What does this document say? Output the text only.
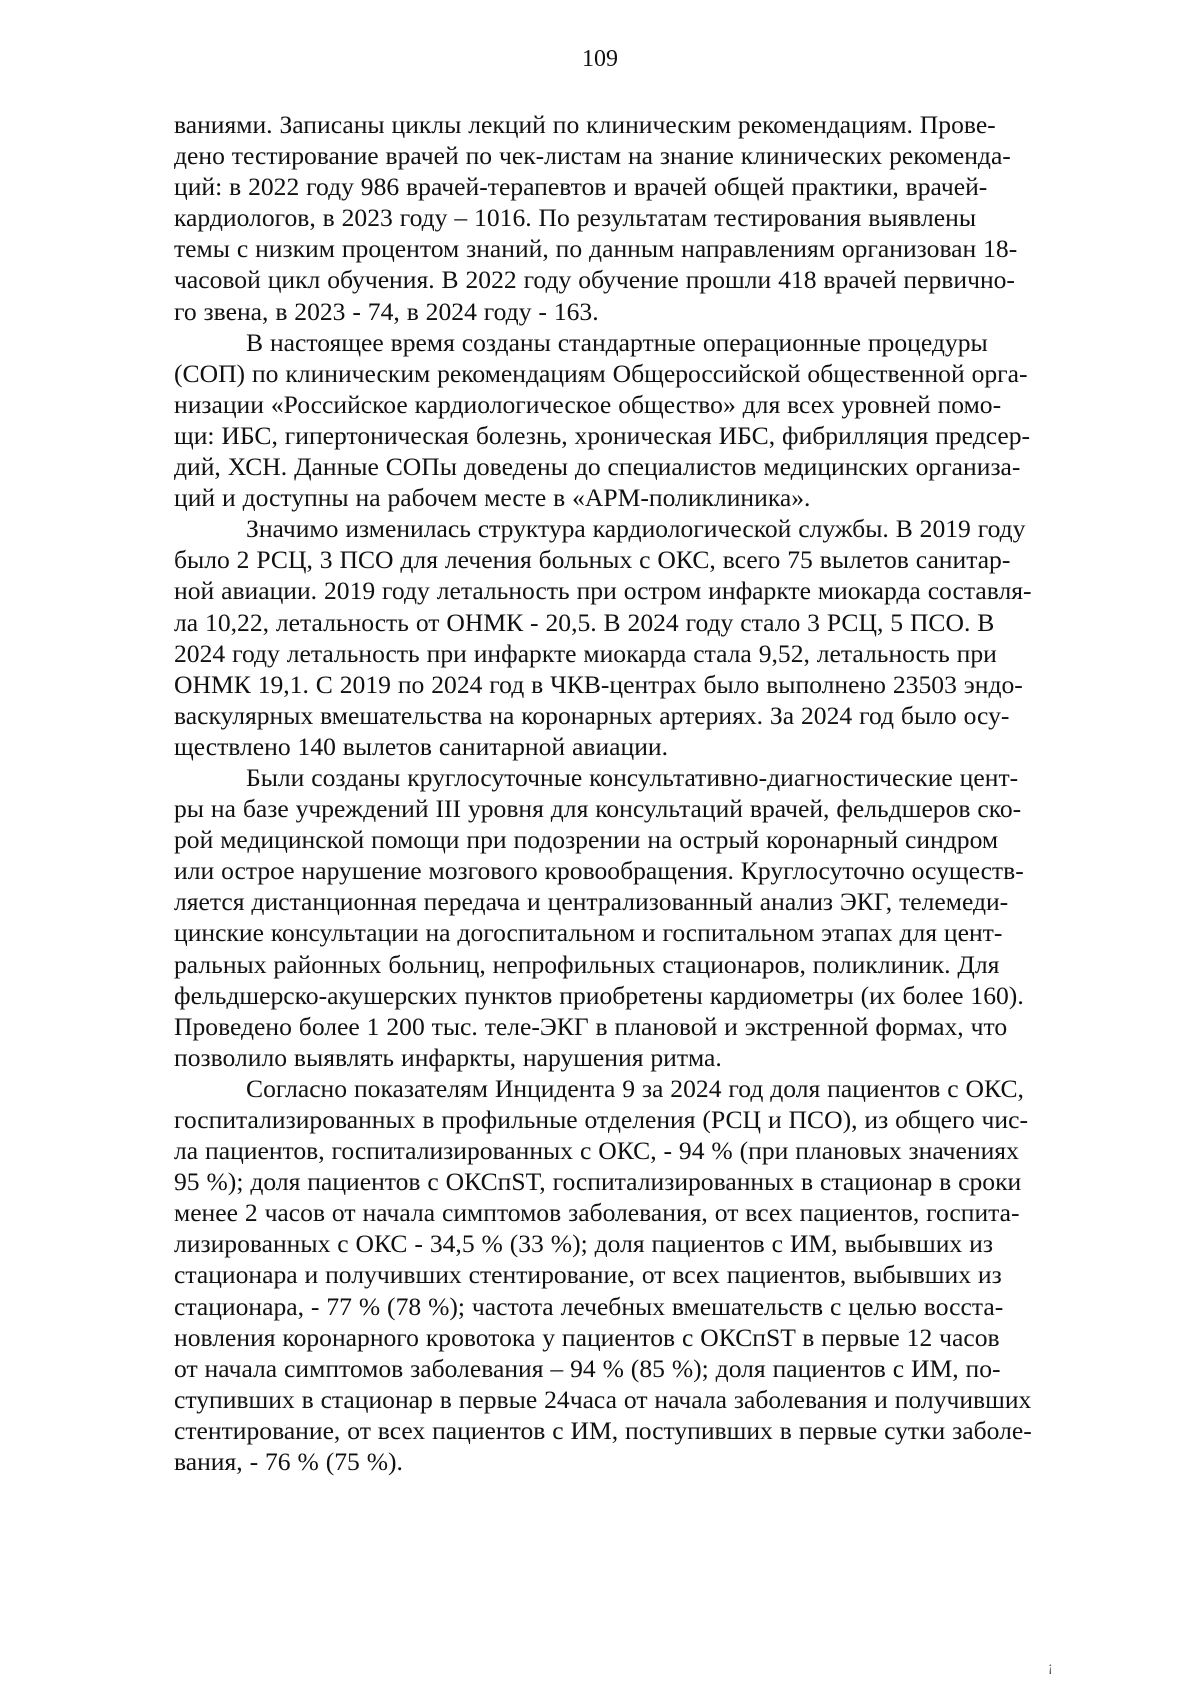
109

ваниями. Записаны циклы лекций по клиническим рекомендациям. Прове-
дено тестирование врачей по чек-листам на знание клинических рекоменда-
ций: в 2022 году 986 врачей-терапевтов и врачей общей практики, врачей-
кардиологов, в 2023 году – 1016. По результатам тестирования выявлены
темы с низким процентом знаний, по данным направлениям организован 18-
часовой цикл обучения. В 2022 году обучение прошли 418 врачей первично-
го звена, в 2023 - 74, в 2024 году - 163.

В настоящее время созданы стандартные операционные процедуры
(СОП) по клиническим рекомендациям Общероссийской общественной орга-
низации «Российское кардиологическое общество» для всех уровней помо-
щи: ИБС, гипертоническая болезнь, хроническая ИБС, фибрилляция предсер-
дий, ХСН. Данные СОПы доведены до специалистов медицинских организа-
ций и доступны на рабочем месте в «АРМ-поликлиника».

Значимо изменилась структура кардиологической службы. В 2019 году
было 2 РСЦ, 3 ПСО для лечения больных с ОКС, всего 75 вылетов санитар-
ной авиации. 2019 году летальность при остром инфаркте миокарда составля-
ла 10,22, летальность от ОНМК - 20,5. В 2024 году стало 3 РСЦ, 5 ПСО. В
2024 году летальность при инфаркте миокарда стала 9,52, летальность при
ОНМК 19,1. С 2019 по 2024 год в ЧКВ-центрах было выполнено 23503 эндо-
васкулярных вмешательства на коронарных артериях. За 2024 год было осу-
ществлено 140 вылетов санитарной авиации.

Были созданы круглосуточные консультативно-диагностические цент-
ры на базе учреждений III уровня для консультаций врачей, фельдшеров ско-
рой медицинской помощи при подозрении на острый коронарный синдром
или острое нарушение мозгового кровообращения. Круглосуточно осуществ-
ляется дистанционная передача и централизованный анализ ЭКГ, телемеди-
цинские консультации на догоспитальном и госпитальном этапах для цент-
ральных районных больниц, непрофильных стационаров, поликлиник. Для
фельдшерско-акушерских пунктов приобретены кардиометры (их более 160).
Проведено более 1 200 тыс. теле-ЭКГ в плановой и экстренной формах, что
позволило выявлять инфаркты, нарушения ритма.

Согласно показателям Инцидента 9 за 2024 год доля пациентов с ОКС,
госпитализированных в профильные отделения (РСЦ и ПСО), из общего чис-
ла пациентов, госпитализированных с ОКС, - 94 % (при плановых значениях
95 %); доля пациентов с ОКСпST, госпитализированных в стационар в сроки
менее 2 часов от начала симптомов заболевания, от всех пациентов, госпита-
лизированных с ОКС - 34,5 % (33 %); доля пациентов с ИМ, выбывших из
стационара и получивших стентирование, от всех пациентов, выбывших из
стационара, - 77 % (78 %); частота лечебных вмешательств с целью восста-
новления коронарного кровотока у пациентов с ОКСпST в первые 12 часов
от начала симптомов заболевания – 94 % (85 %); доля пациентов с ИМ, по-
ступивших в стационар в первые 24часа от начала заболевания и получивших
стентирование, от всех пациентов с ИМ, поступивших в первые сутки заболе-
вания, - 76 % (75 %).

¡
